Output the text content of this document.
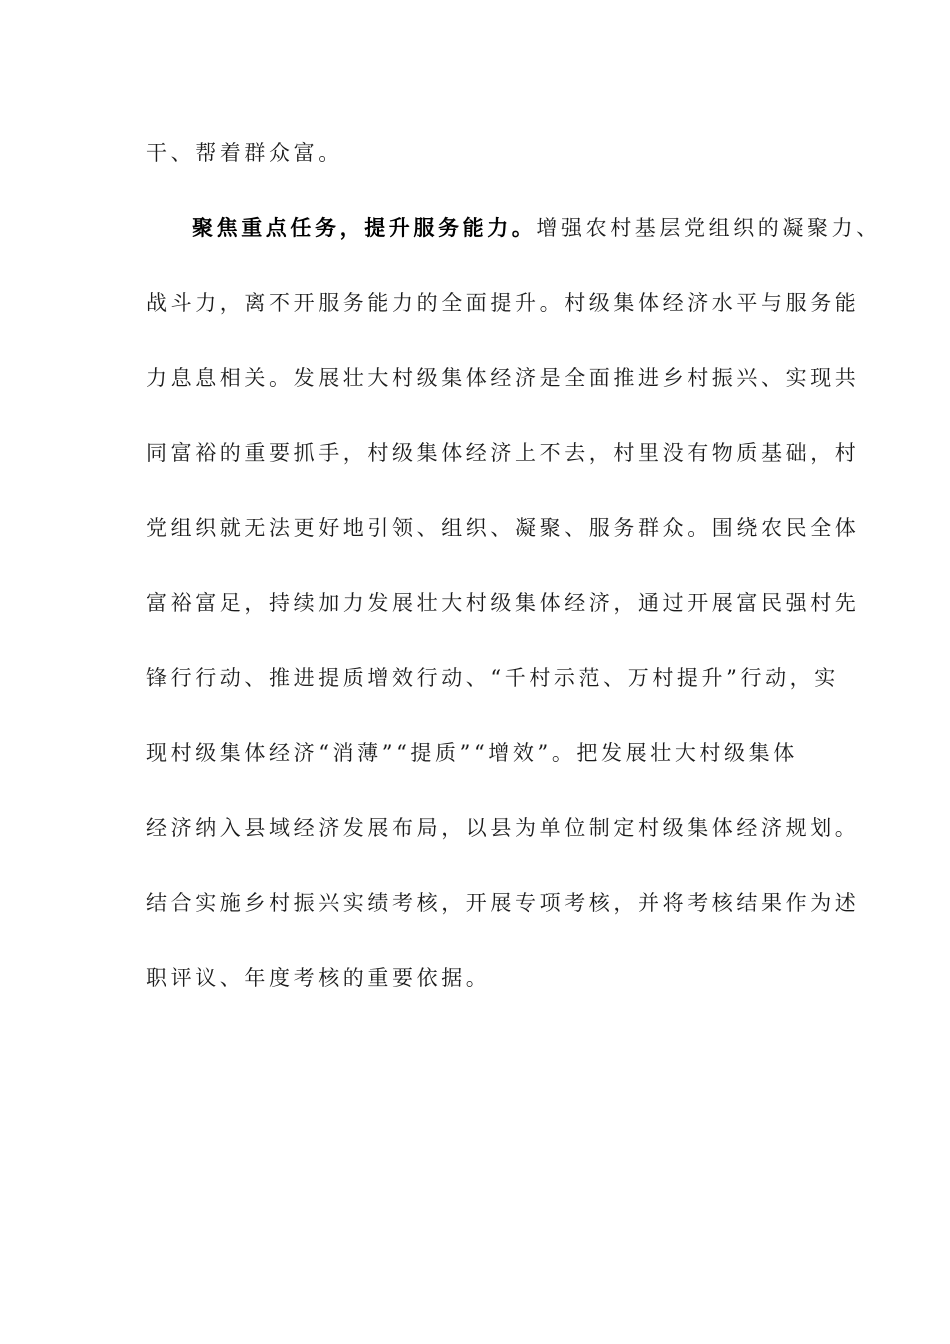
干、帮着群众富。
聚焦重点任务，提升服务能力。增强农村基层党组织的凝聚力、
战斗力，离不开服务能力的全面提升。村级集体经济水平与服务能
力息息相关。发展壮大村级集体经济是全面推进乡村振兴、实现共
同富裕的重要抓手，村级集体经济上不去，村里没有物质基础，村
党组织就无法更好地引领、组织、凝聚、服务群众。围绕农民全体
富裕富足，持续加力发展壮大村级集体经济，通过开展富民强村先
锋行行动、推进提质增效行动、“千村示范、万村提升”行动，实
现村级集体经济“消薄”“提质”“增效”。把发展壮大村级集体
经济纳入县域经济发展布局，以县为单位制定村级集体经济规划。
结合实施乡村振兴实绩考核，开展专项考核，并将考核结果作为述
职评议、年度考核的重要依据。
